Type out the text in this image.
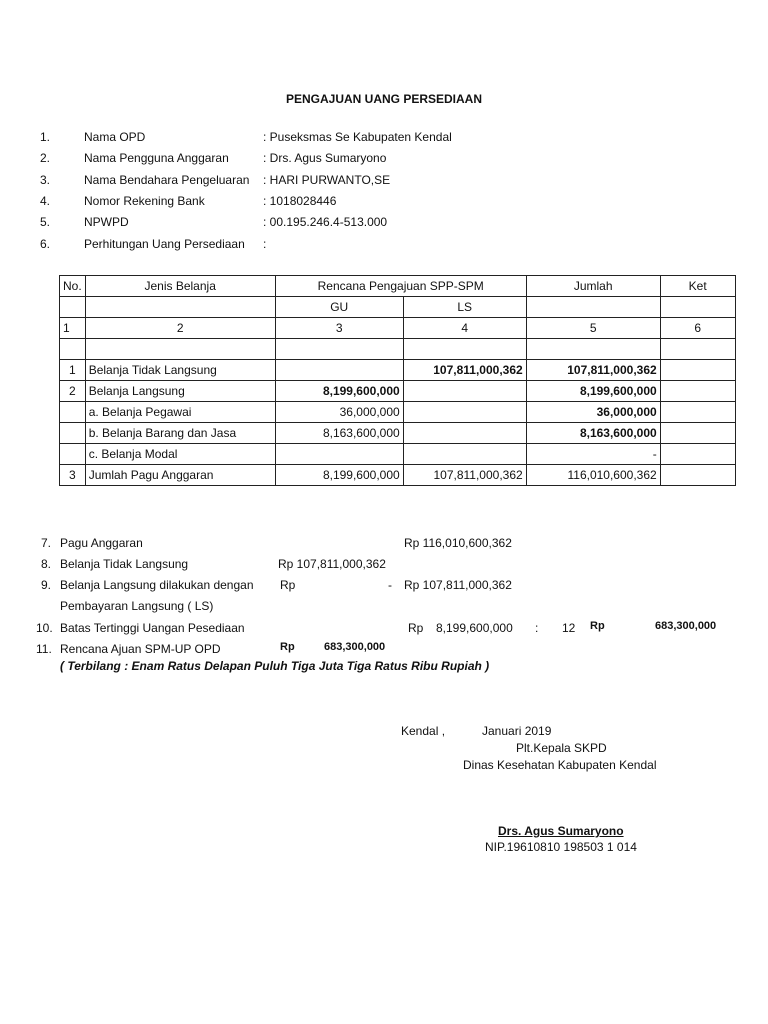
PENGAJUAN UANG PERSEDIAAN
1.	Nama OPD	: Puseksmas Se Kabupaten Kendal
2.	Nama Pengguna Anggaran	: Drs. Agus Sumaryono
3.	Nama Bendahara Pengeluaran : HARI PURWANTO,SE
4.	Nomor Rekening Bank	: 1018028446
5.	NPWPD	: 00.195.246.4-513.000
6.	Perhitungan Uang Persediaan :
No.	Jenis Belanja	Rencana Pengajuan SPP-SPM		Jumlah	Ket
		GU	LS		
1	2	3	4	5	6

1	Belanja Tidak Langsung		107,811,000,362	107,811,000,362	
2	Belanja Langsung	8,199,600,000		8,199,600,000	
	a. Belanja Pegawai	36,000,000		36,000,000	
	b. Belanja Barang dan Jasa	8,163,600,000		8,163,600,000	
	c. Belanja Modal			-	
3	Jumlah Pagu Anggaran	8,199,600,000	107,811,000,362	116,010,600,362	
7. Pagu Anggaran	Rp 116,010,600,362
8. Belanja Tidak Langsung	Rp 107,811,000,362
9. Belanja Langsung dilakukan dengan
Pembayaran Langsung ( LS)
Rp	- Rp 107,811,000,362
10. Batas Tertinggi Uangan Pesediaan	Rp 8,199,600,000 : 12 Rp	683,300,000
11. Rencana Ajuan SPM-UP OPD	Rp	683,300,000
( Terbilang : Enam Ratus Delapan Puluh Tiga Juta Tiga Ratus Ribu Rupiah )
Kendal ,	Januari 2019
Plt.Kepala SKPD
Dinas Kesehatan Kabupaten Kendal
Drs. Agus Sumaryono
NIP.19610810 198503 1 014
